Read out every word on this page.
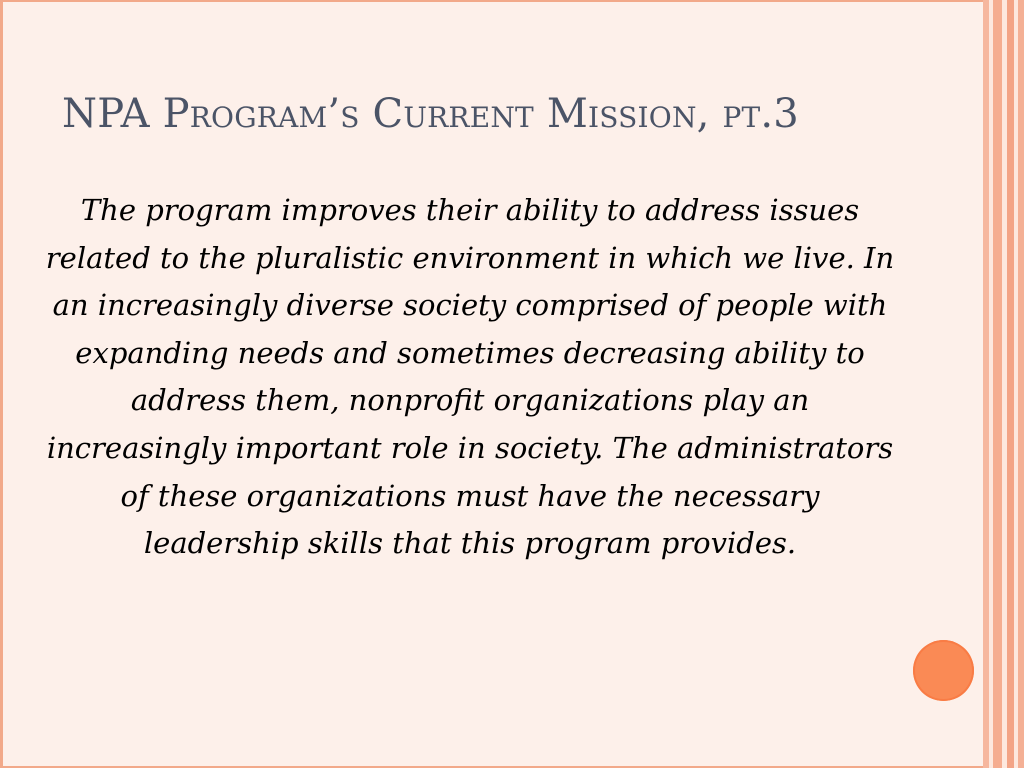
NPA Program’s Current Mission, pt.3

The program improves their ability to address issues related to the pluralistic environment in which we live. In an increasingly diverse society comprised of people with expanding needs and sometimes decreasing ability to address them, nonprofit organizations play an increasingly important role in society. The administrators of these organizations must have the necessary leadership skills that this program provides.
